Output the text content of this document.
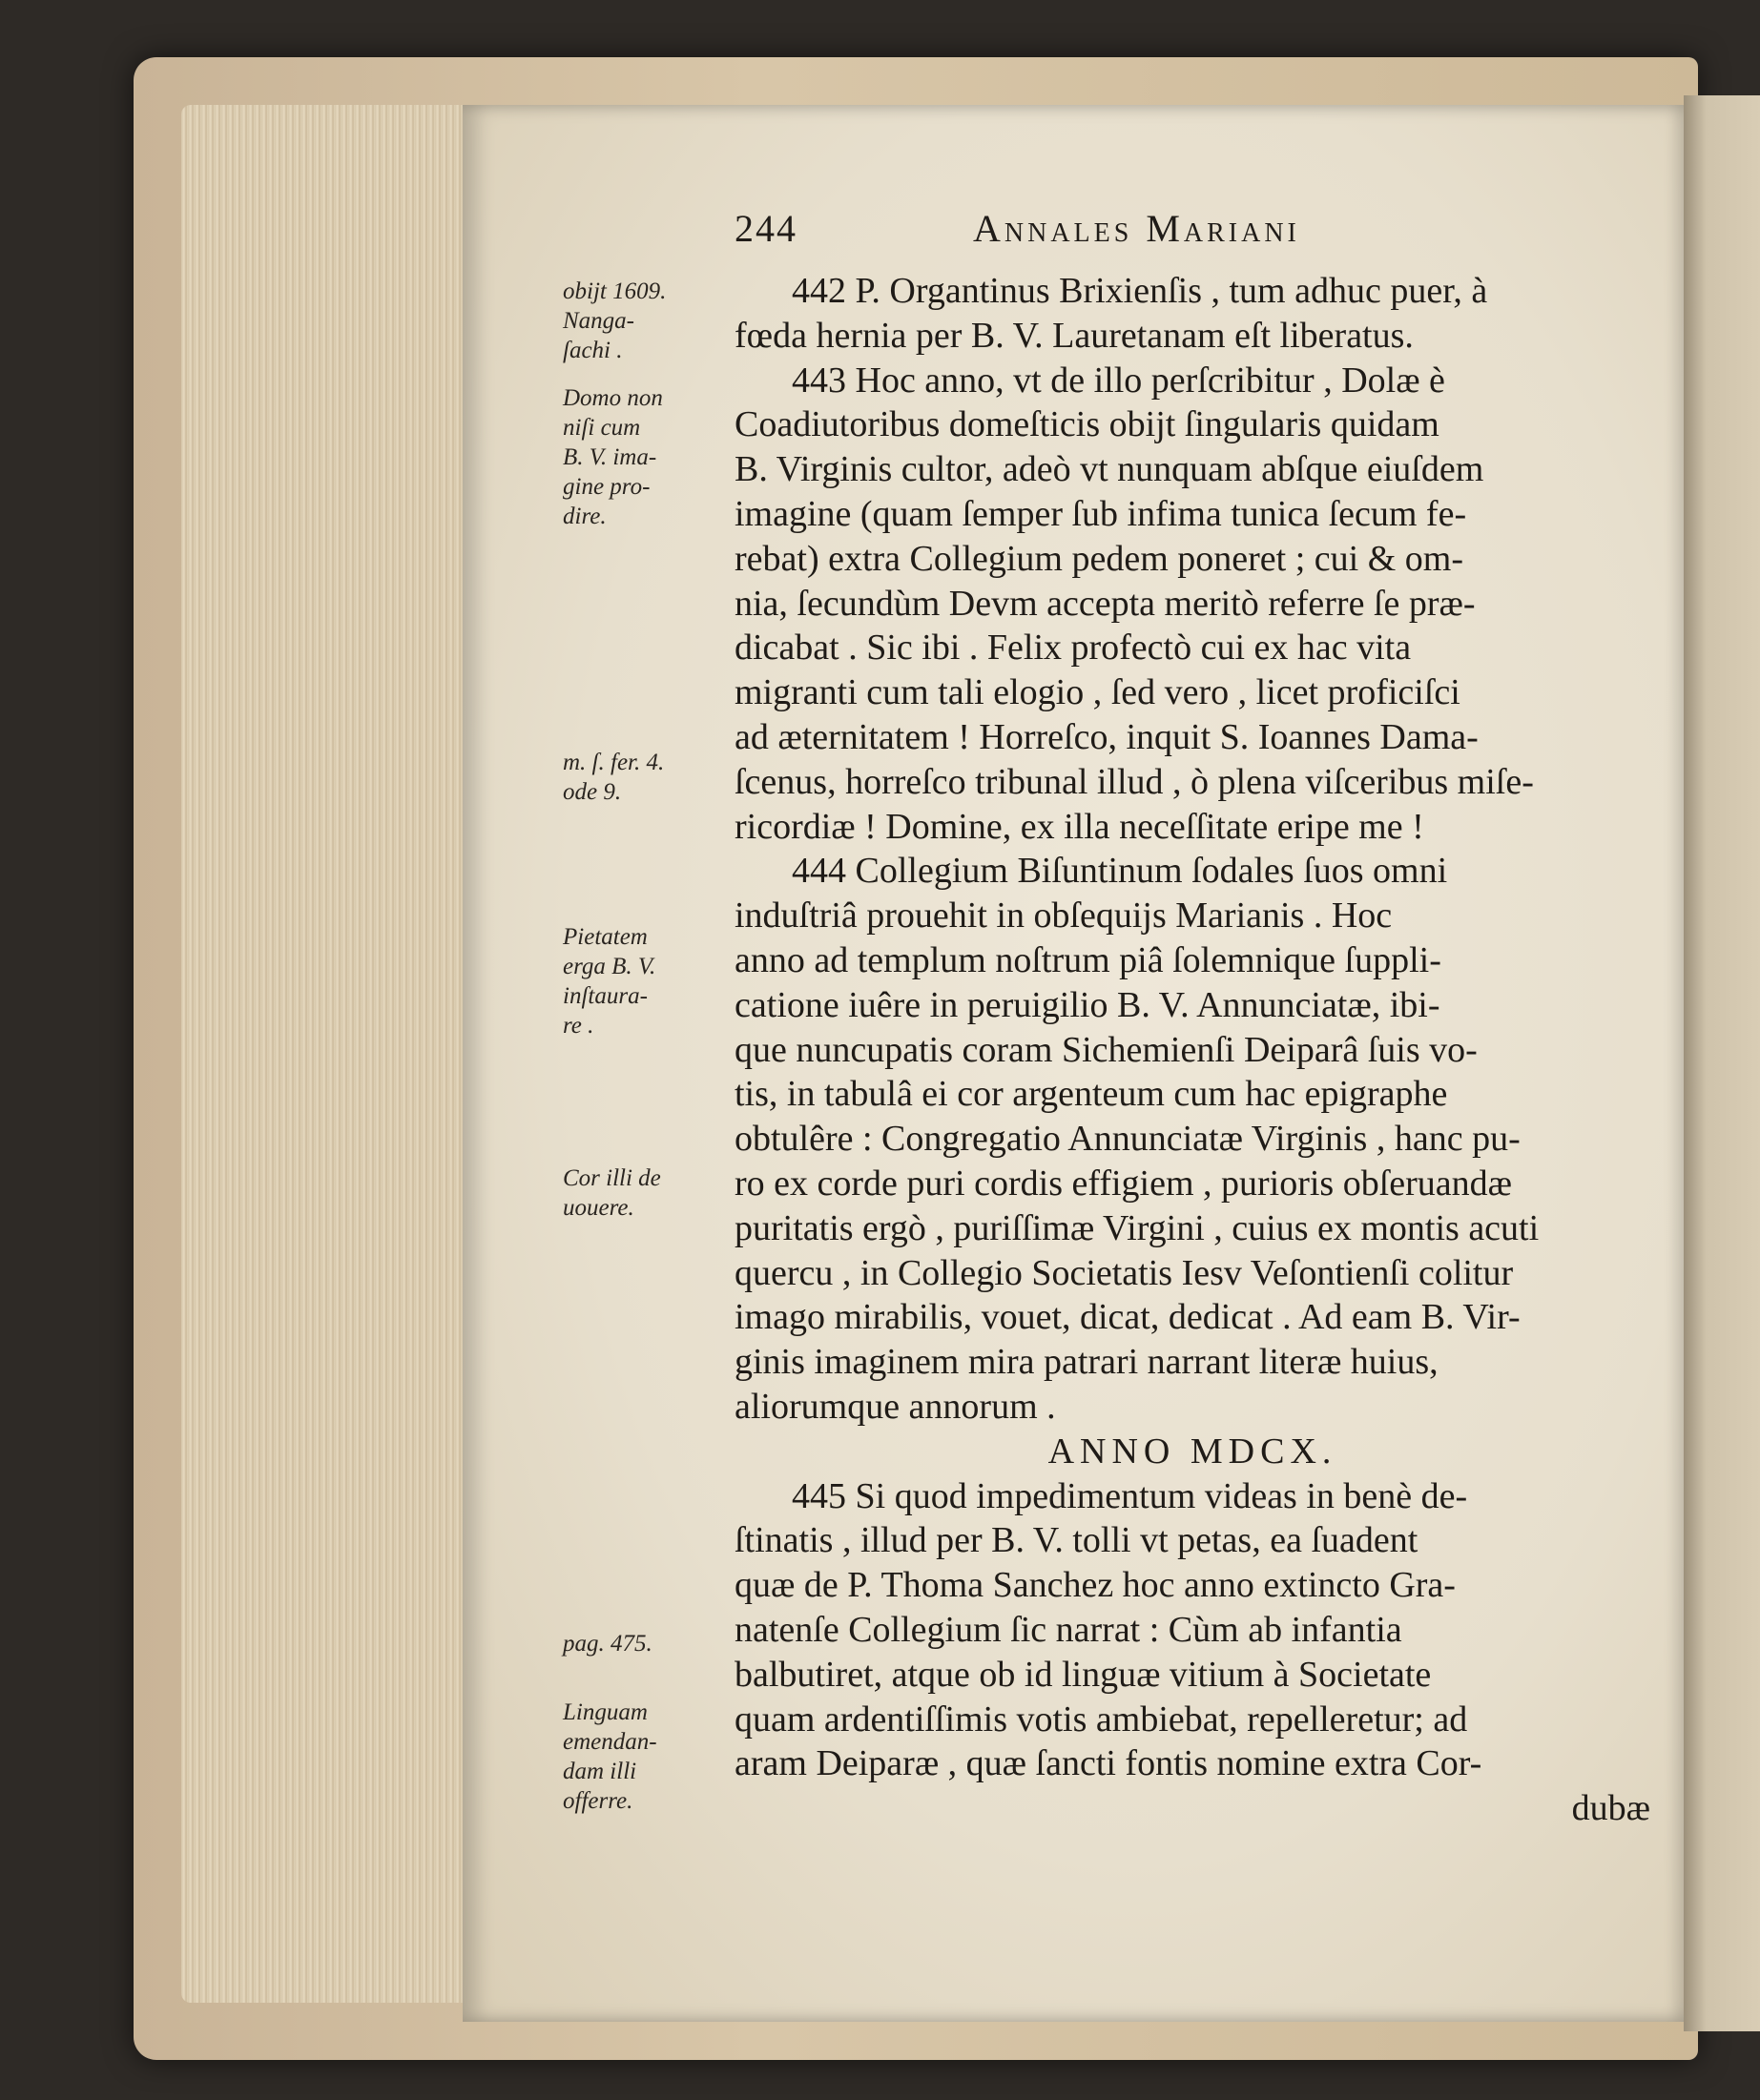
244	Annales Mariani
obijt 1609.
Nanga-
ſachi .
Domo non
niſi cum
B. V. ima-
gine pro-
dire.
m. ſ. fer. 4.
ode 9.
Pietatem
erga B. V.
inſtaura-
re .
Cor illi de
uouere.
pag. 475.
Linguam
emendan-
dam illi
offerre.
442 P. Organtinus Brixienſis , tum adhuc puer, à
fœda hernia per B. V. Lauretanam eſt liberatus.
443 Hoc anno, vt de illo perſcribitur , Dolæ è
Coadiutoribus domeſticis obijt ſingularis quidam
B. Virginis cultor, adeò vt nunquam abſque eiuſdem
imagine (quam ſemper ſub infima tunica ſecum fe-
rebat) extra Collegium pedem poneret ; cui & om-
nia, ſecundùm Devm accepta meritò referre ſe præ-
dicabat . Sic ibi . Felix profectò cui ex hac vita
migranti cum tali elogio , ſed vero , licet proficiſci
ad æternitatem ! Horreſco, inquit S. Ioannes Dama-
ſcenus, horreſco tribunal illud , ò plena viſceribus miſe-
ricordiæ ! Domine, ex illa neceſſitate eripe me !
444 Collegium Biſuntinum ſodales ſuos omni
induſtriâ prouehit in obſequijs Marianis . Hoc
anno ad templum noſtrum piâ ſolemnique ſuppli-
catione iuêre in peruigilio B. V. Annunciatæ, ibi-
que nuncupatis coram Sichemienſi Deiparâ ſuis vo-
tis, in tabulâ ei cor argenteum cum hac epigraphe
obtulêre : Congregatio Annunciatæ Virginis , hanc pu-
ro ex corde puri cordis effigiem , purioris obſeruandæ
puritatis ergò , puriſſimæ Virgini , cuius ex montis acuti
quercu , in Collegio Societatis Iesv Veſontienſi colitur
imago mirabilis, vouet, dicat, dedicat . Ad eam B. Vir-
ginis imaginem mira patrari narrant literæ huius,
aliorumque annorum .
ANNO MDCX.
445 Si quod impedimentum videas in benè de-
ſtinatis , illud per B. V. tolli vt petas, ea ſuadent
quæ de P. Thoma Sanchez hoc anno extincto Gra-
natenſe Collegium ſic narrat : Cùm ab infantia
balbutiret, atque ob id linguæ vitium à Societate
quam ardentiſſimis votis ambiebat, repelleretur; ad
aram Deiparæ , quæ ſancti fontis nomine extra Cor-
dubæ
